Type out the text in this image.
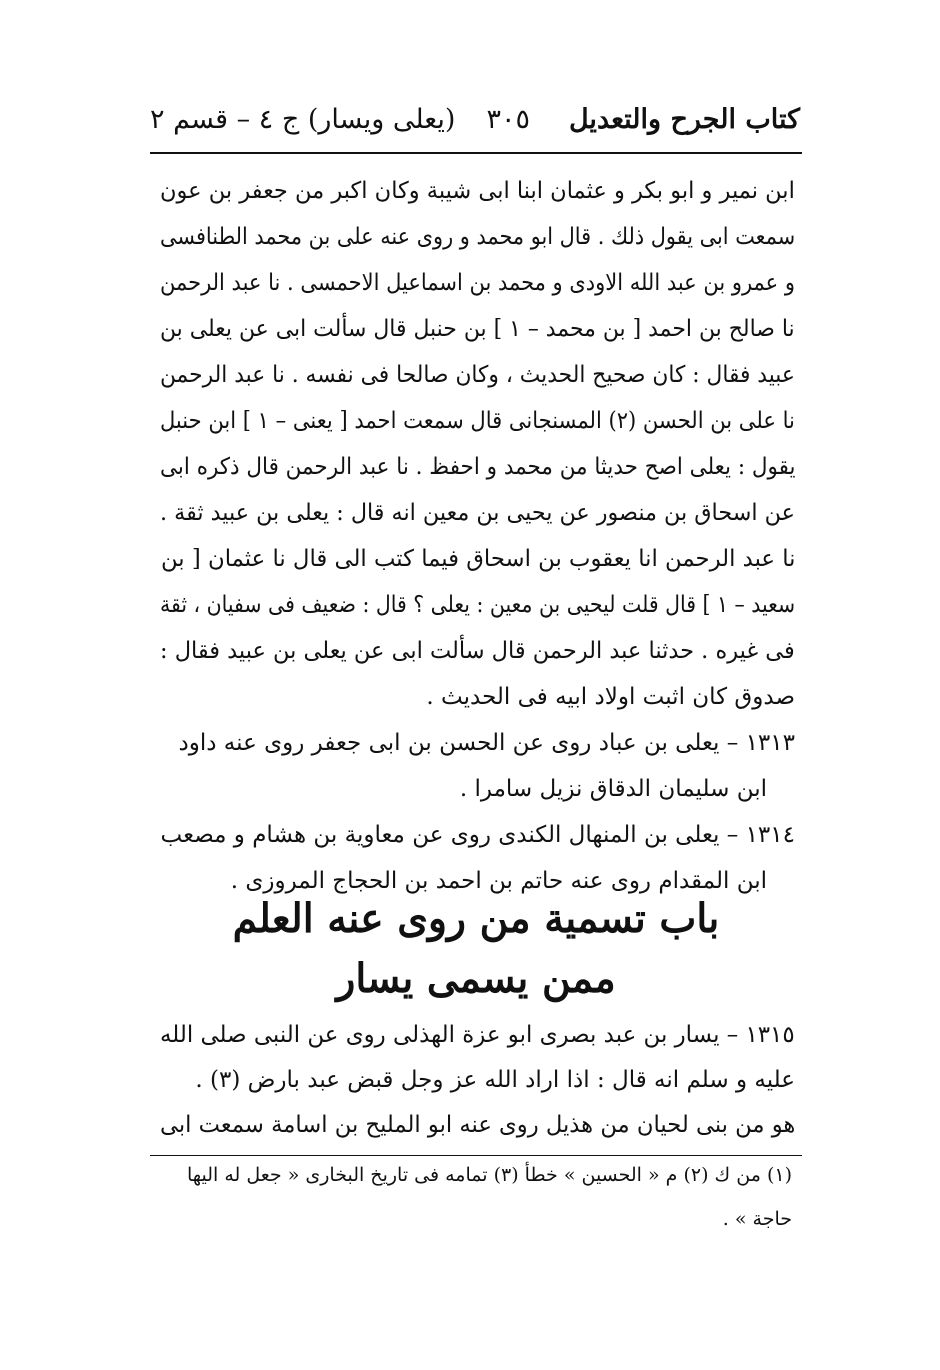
كتاب الجرح والتعديل
٣٠٥
(يعلى ويسار) ج ٤ – قسم ٢
ابن نمير و ابو بكر و عثمان ابنا ابى شيبة وكان اكبر من جعفر بن عون
سمعت ابى يقول ذلك . قال ابو محمد و روى عنه على بن محمد الطنافسى
و عمرو بن عبد الله الاودى و محمد بن اسماعيل الاحمسى . نا عبد الرحمن
نا صالح بن احمد [ بن محمد – ١ ] بن حنبل قال سألت ابى عن يعلى بن
عبيد فقال : كان صحيح الحديث ، وكان صالحا فى نفسه . نا عبد الرحمن
نا على بن الحسن (٢) المسنجانى قال سمعت احمد [ يعنى – ١ ] ابن حنبل
يقول : يعلى اصح حديثا من محمد و احفظ . نا عبد الرحمن قال ذكره ابى
عن اسحاق بن منصور عن يحيى بن معين انه قال : يعلى بن عبيد ثقة .
نا عبد الرحمن انا يعقوب بن اسحاق فيما كتب الى قال نا عثمان [ بن
سعيد – ١ ] قال قلت ليحيى بن معين : يعلى ؟ قال : ضعيف فى سفيان ، ثقة
فى غيره . حدثنا عبد الرحمن قال سألت ابى عن يعلى بن عبيد فقال :
صدوق كان اثبت اولاد ابيه فى الحديث .
١٣١٣ – يعلى بن عباد روى عن الحسن بن ابى جعفر روى عنه داود
ابن سليمان الدقاق نزيل سامرا .
١٣١٤ – يعلى بن المنهال الكندى روى عن معاوية بن هشام و مصعب
ابن المقدام روى عنه حاتم بن احمد بن الحجاج المروزى .
باب تسمية من روى عنه العلم
ممن يسمى يسار
١٣١٥ – يسار بن عبد بصرى ابو عزة الهذلى روى عن النبى صلى الله
عليه و سلم انه قال : اذا اراد الله عز وجل قبض عبد بارض (٣) .
هو من بنى لحيان من هذيل روى عنه ابو المليح بن اسامة سمعت ابى
(١) من ك (٢) م « الحسين » خطأ (٣) تمامه فى تاريخ البخارى « جعل له اليها
حاجة » .
